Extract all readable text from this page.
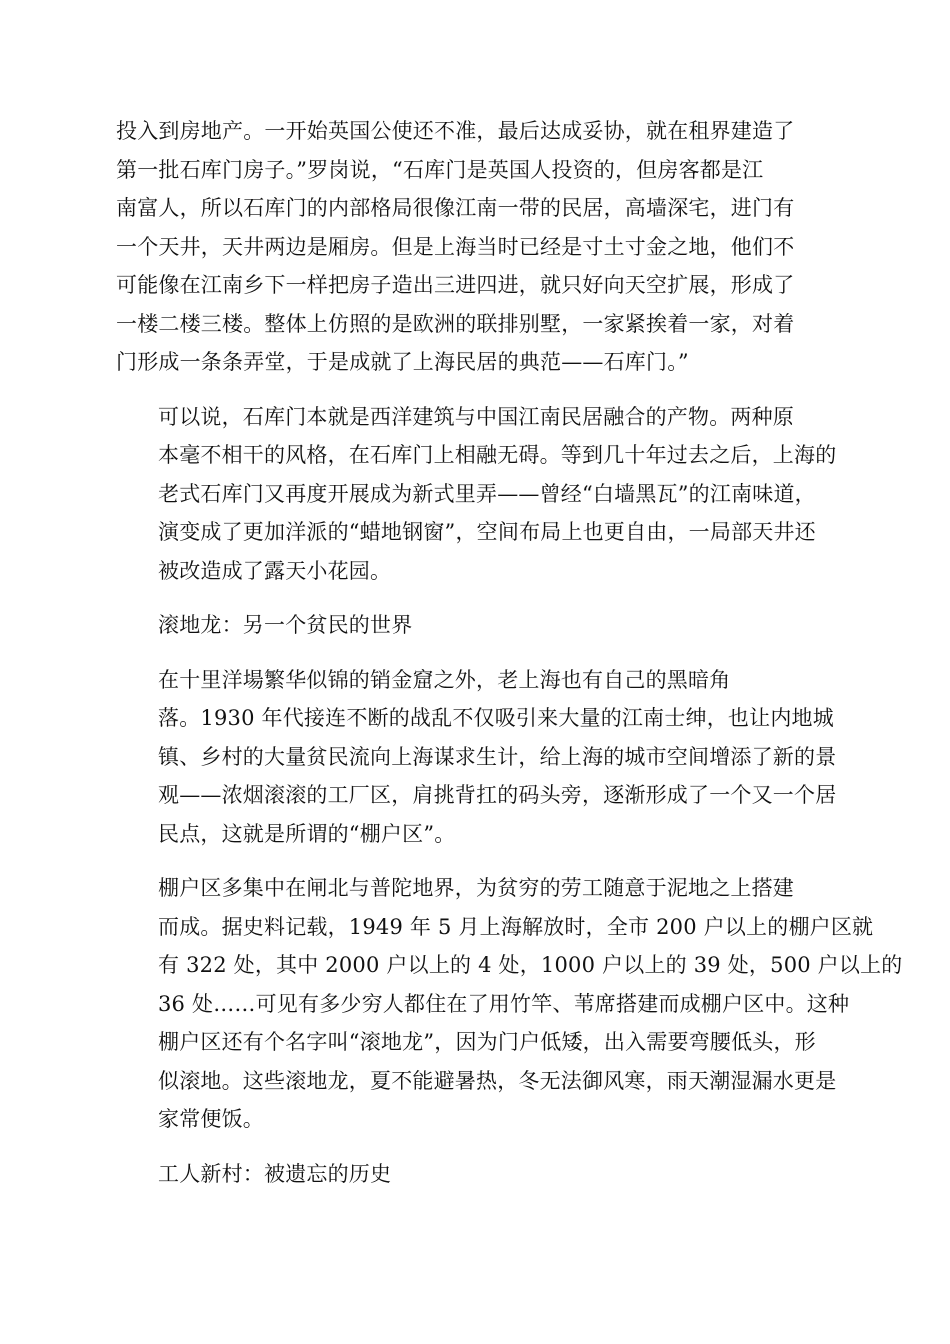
投入到房地产。一开始英国公使还不准，最后达成妥协，就在租界建造了
第一批石库门房子。”罗岗说，“石库门是英国人投资的，但房客都是江
南富人，所以石库门的内部格局很像江南一带的民居，高墙深宅，进门有
一个天井，天井两边是厢房。但是上海当时已经是寸土寸金之地，他们不
可能像在江南乡下一样把房子造出三进四进，就只好向天空扩展，形成了
一楼二楼三楼。整体上仿照的是欧洲的联排别墅，一家紧挨着一家，对着
门形成一条条弄堂，于是成就了上海民居的典范——石库门。”

可以说，石库门本就是西洋建筑与中国江南民居融合的产物。两种原
本毫不相干的风格，在石库门上相融无碍。等到几十年过去之后，上海的
老式石库门又再度开展成为新式里弄——曾经“白墙黑瓦”的江南味道，
演变成了更加洋派的“蜡地钢窗”，空间布局上也更自由，一局部天井还
被改造成了露天小花园。

滚地龙：另一个贫民的世界

在十里洋場繁华似锦的销金窟之外，老上海也有自己的黑暗角
落。1930 年代接连不断的战乱不仅吸引来大量的江南士绅，也让内地城
镇、乡村的大量贫民流向上海谋求生计，给上海的城市空间增添了新的景
观——浓烟滚滚的工厂区，肩挑背扛的码头旁，逐渐形成了一个又一个居
民点，这就是所谓的“棚户区”。

棚户区多集中在闸北与普陀地界，为贫穷的劳工随意于泥地之上搭建
而成。据史料记载，1949 年 5 月上海解放时，全市 200 户以上的棚户区就
有 322 处，其中 2000 户以上的 4 处，1000 户以上的 39 处，500 户以上的
36 处……可见有多少穷人都住在了用竹竿、苇席搭建而成棚户区中。这种
棚户区还有个名字叫“滚地龙”，因为门户低矮，出入需要弯腰低头，形
似滚地。这些滚地龙，夏不能避暑热，冬无法御风寒，雨天潮湿漏水更是
家常便饭。

工人新村：被遗忘的历史
